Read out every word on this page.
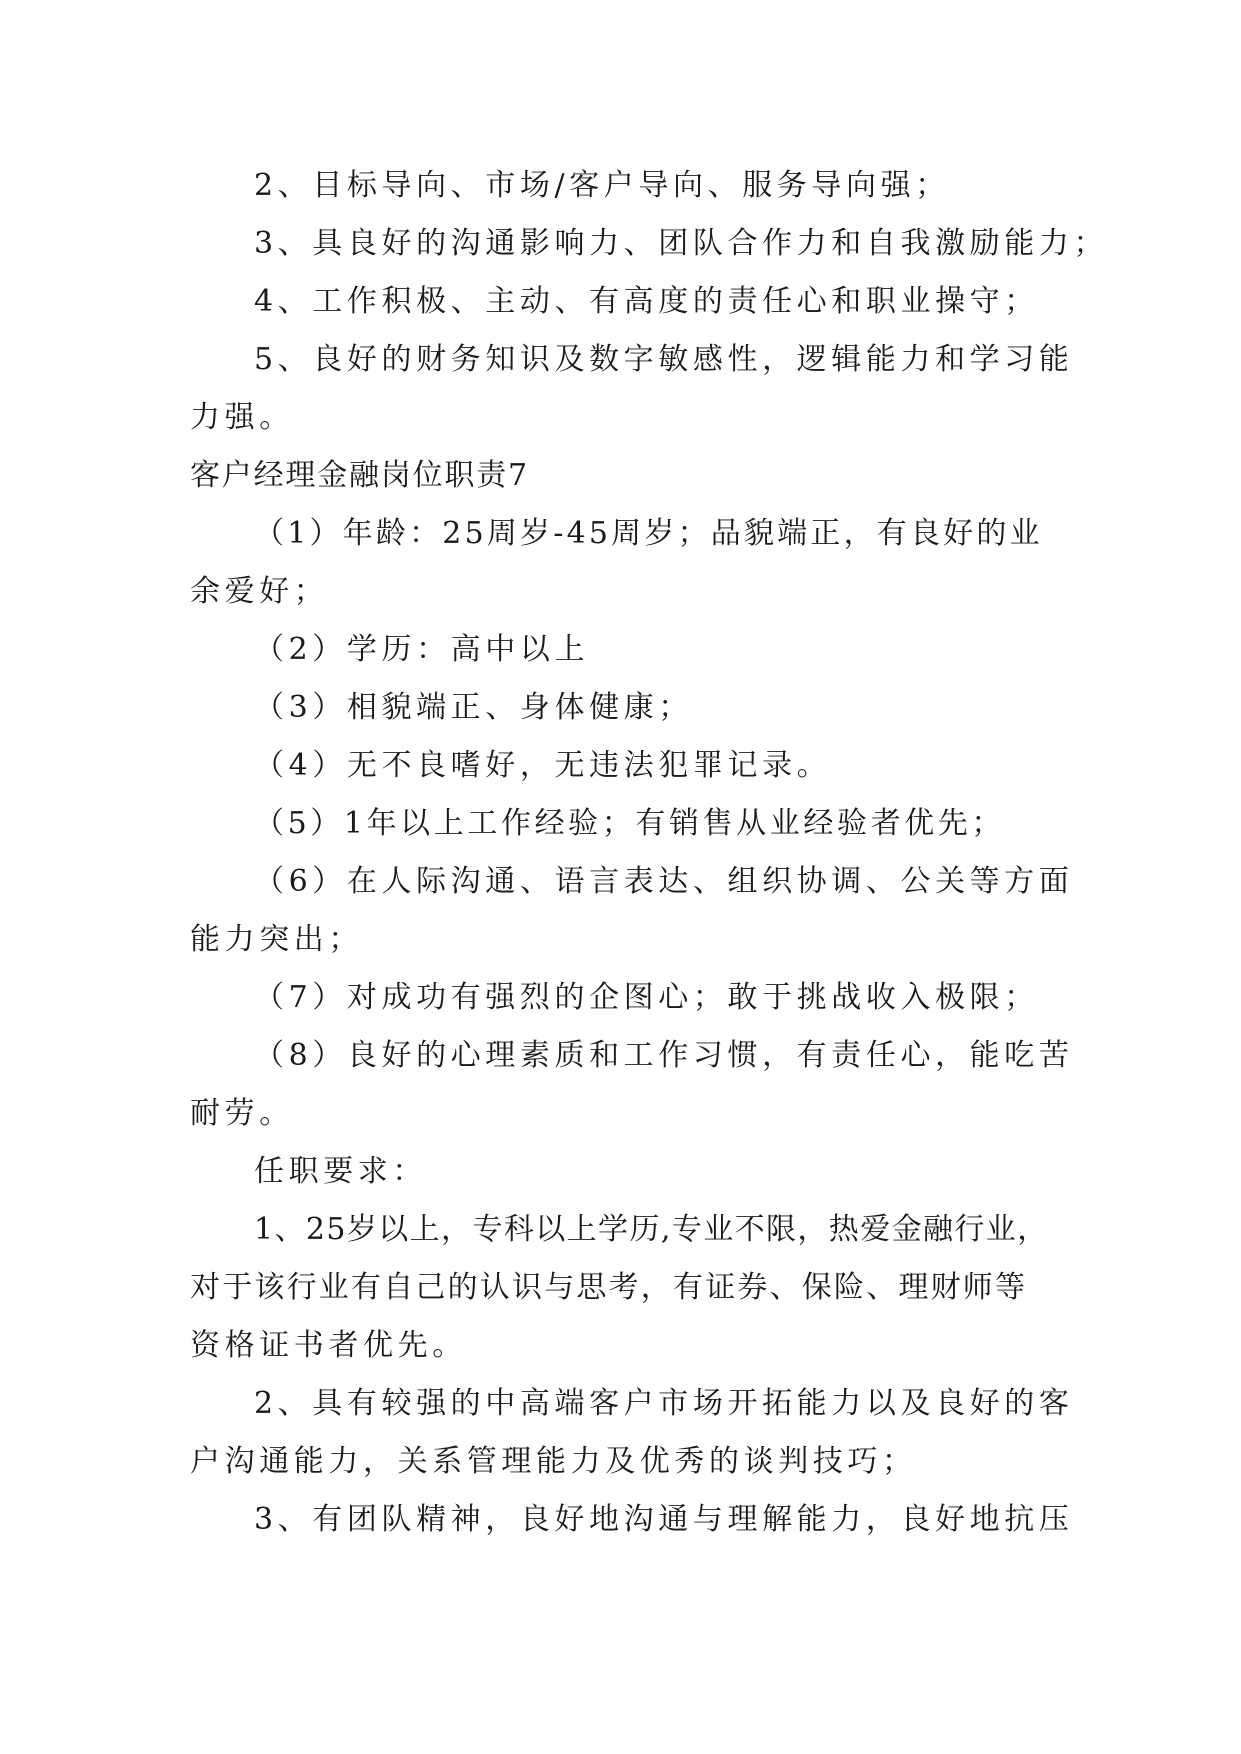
2、目标导向、市场/客户导向、服务导向强；
3、具良好的沟通影响力、团队合作力和自我激励能力；
4、工作积极、主动、有高度的责任心和职业操守；
5、良好的财务知识及数字敏感性，逻辑能力和学习能
力强。
客户经理金融岗位职责7
（1）年龄：25周岁-45周岁；品貌端正，有良好的业
余爱好；
（2）学历：高中以上
（3）相貌端正、身体健康；
（4）无不良嗜好，无违法犯罪记录。
（5）1年以上工作经验；有销售从业经验者优先；
（6）在人际沟通、语言表达、组织协调、公关等方面
能力突出；
（7）对成功有强烈的企图心；敢于挑战收入极限；
（8）良好的心理素质和工作习惯，有责任心，能吃苦
耐劳。
任职要求：
1、25岁以上，专科以上学历,专业不限，热爱金融行业，
对于该行业有自己的认识与思考，有证券、保险、理财师等
资格证书者优先。
2、具有较强的中高端客户市场开拓能力以及良好的客
户沟通能力，关系管理能力及优秀的谈判技巧；
3、有团队精神，良好地沟通与理解能力，良好地抗压
